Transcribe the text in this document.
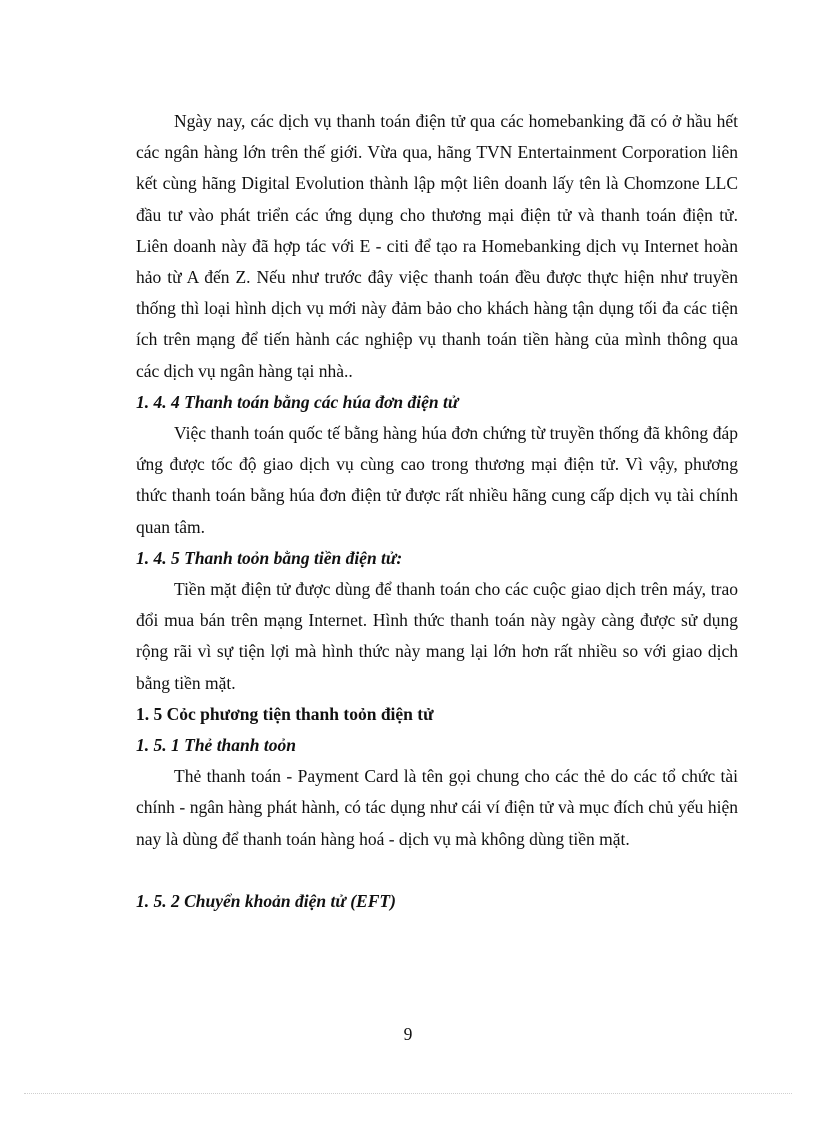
Ngày nay, các dịch vụ thanh toán điện tử qua các homebanking đã có ở hầu hết các ngân hàng lớn trên thế giới. Vừa qua, hãng TVN Entertainment Corporation liên kết cùng hãng Digital Evolution thành lập một liên doanh lấy tên là Chomzone LLC đầu tư vào phát triển các ứng dụng cho thương mại điện tử và thanh toán điện tử. Liên doanh này đã hợp tác với E - citi để tạo ra Homebanking dịch vụ Internet hoàn hảo từ A đến Z. Nếu như trước đây việc thanh toán đều được thực hiện như truyền thống thì loại hình dịch vụ mới này đảm bảo cho khách hàng tận dụng tối đa các tiện ích trên mạng để tiến hành các nghiệp vụ thanh toán tiền hàng của mình thông qua các dịch vụ ngân hàng tại nhà..

1. 4. 4 Thanh toán bằng các húa đơn điện tử

Việc thanh toán quốc tế bằng hàng húa đơn chứng từ truyền thống đã không đáp ứng được tốc độ giao dịch vụ cùng cao trong thương mại điện tử. Vì vậy, phương thức thanh toán bằng húa đơn điện tử được rất nhiều hãng cung cấp dịch vụ tài chính quan tâm.

1. 4. 5 Thanh toỏn bằng tiền điện tử:

Tiền mặt điện tử được dùng để thanh toán cho các cuộc giao dịch trên máy, trao đổi mua bán trên mạng Internet. Hình thức thanh toán này ngày càng được sử dụng rộng rãi vì sự tiện lợi mà hình thức này mang lại lớn hơn rất nhiều so với giao dịch bằng tiền mặt.

1. 5 Cỏc phương tiện thanh toỏn điện tử
1. 5. 1 Thẻ thanh toỏn

Thẻ thanh toán - Payment Card là tên gọi chung cho các thẻ do các tổ chức tài chính - ngân hàng phát hành, có tác dụng như cái ví điện tử và mục đích chủ yếu hiện nay là dùng để thanh toán hàng hoá - dịch vụ mà không dùng tiền mặt.

1. 5. 2 Chuyển khoản điện tử (EFT)
9
